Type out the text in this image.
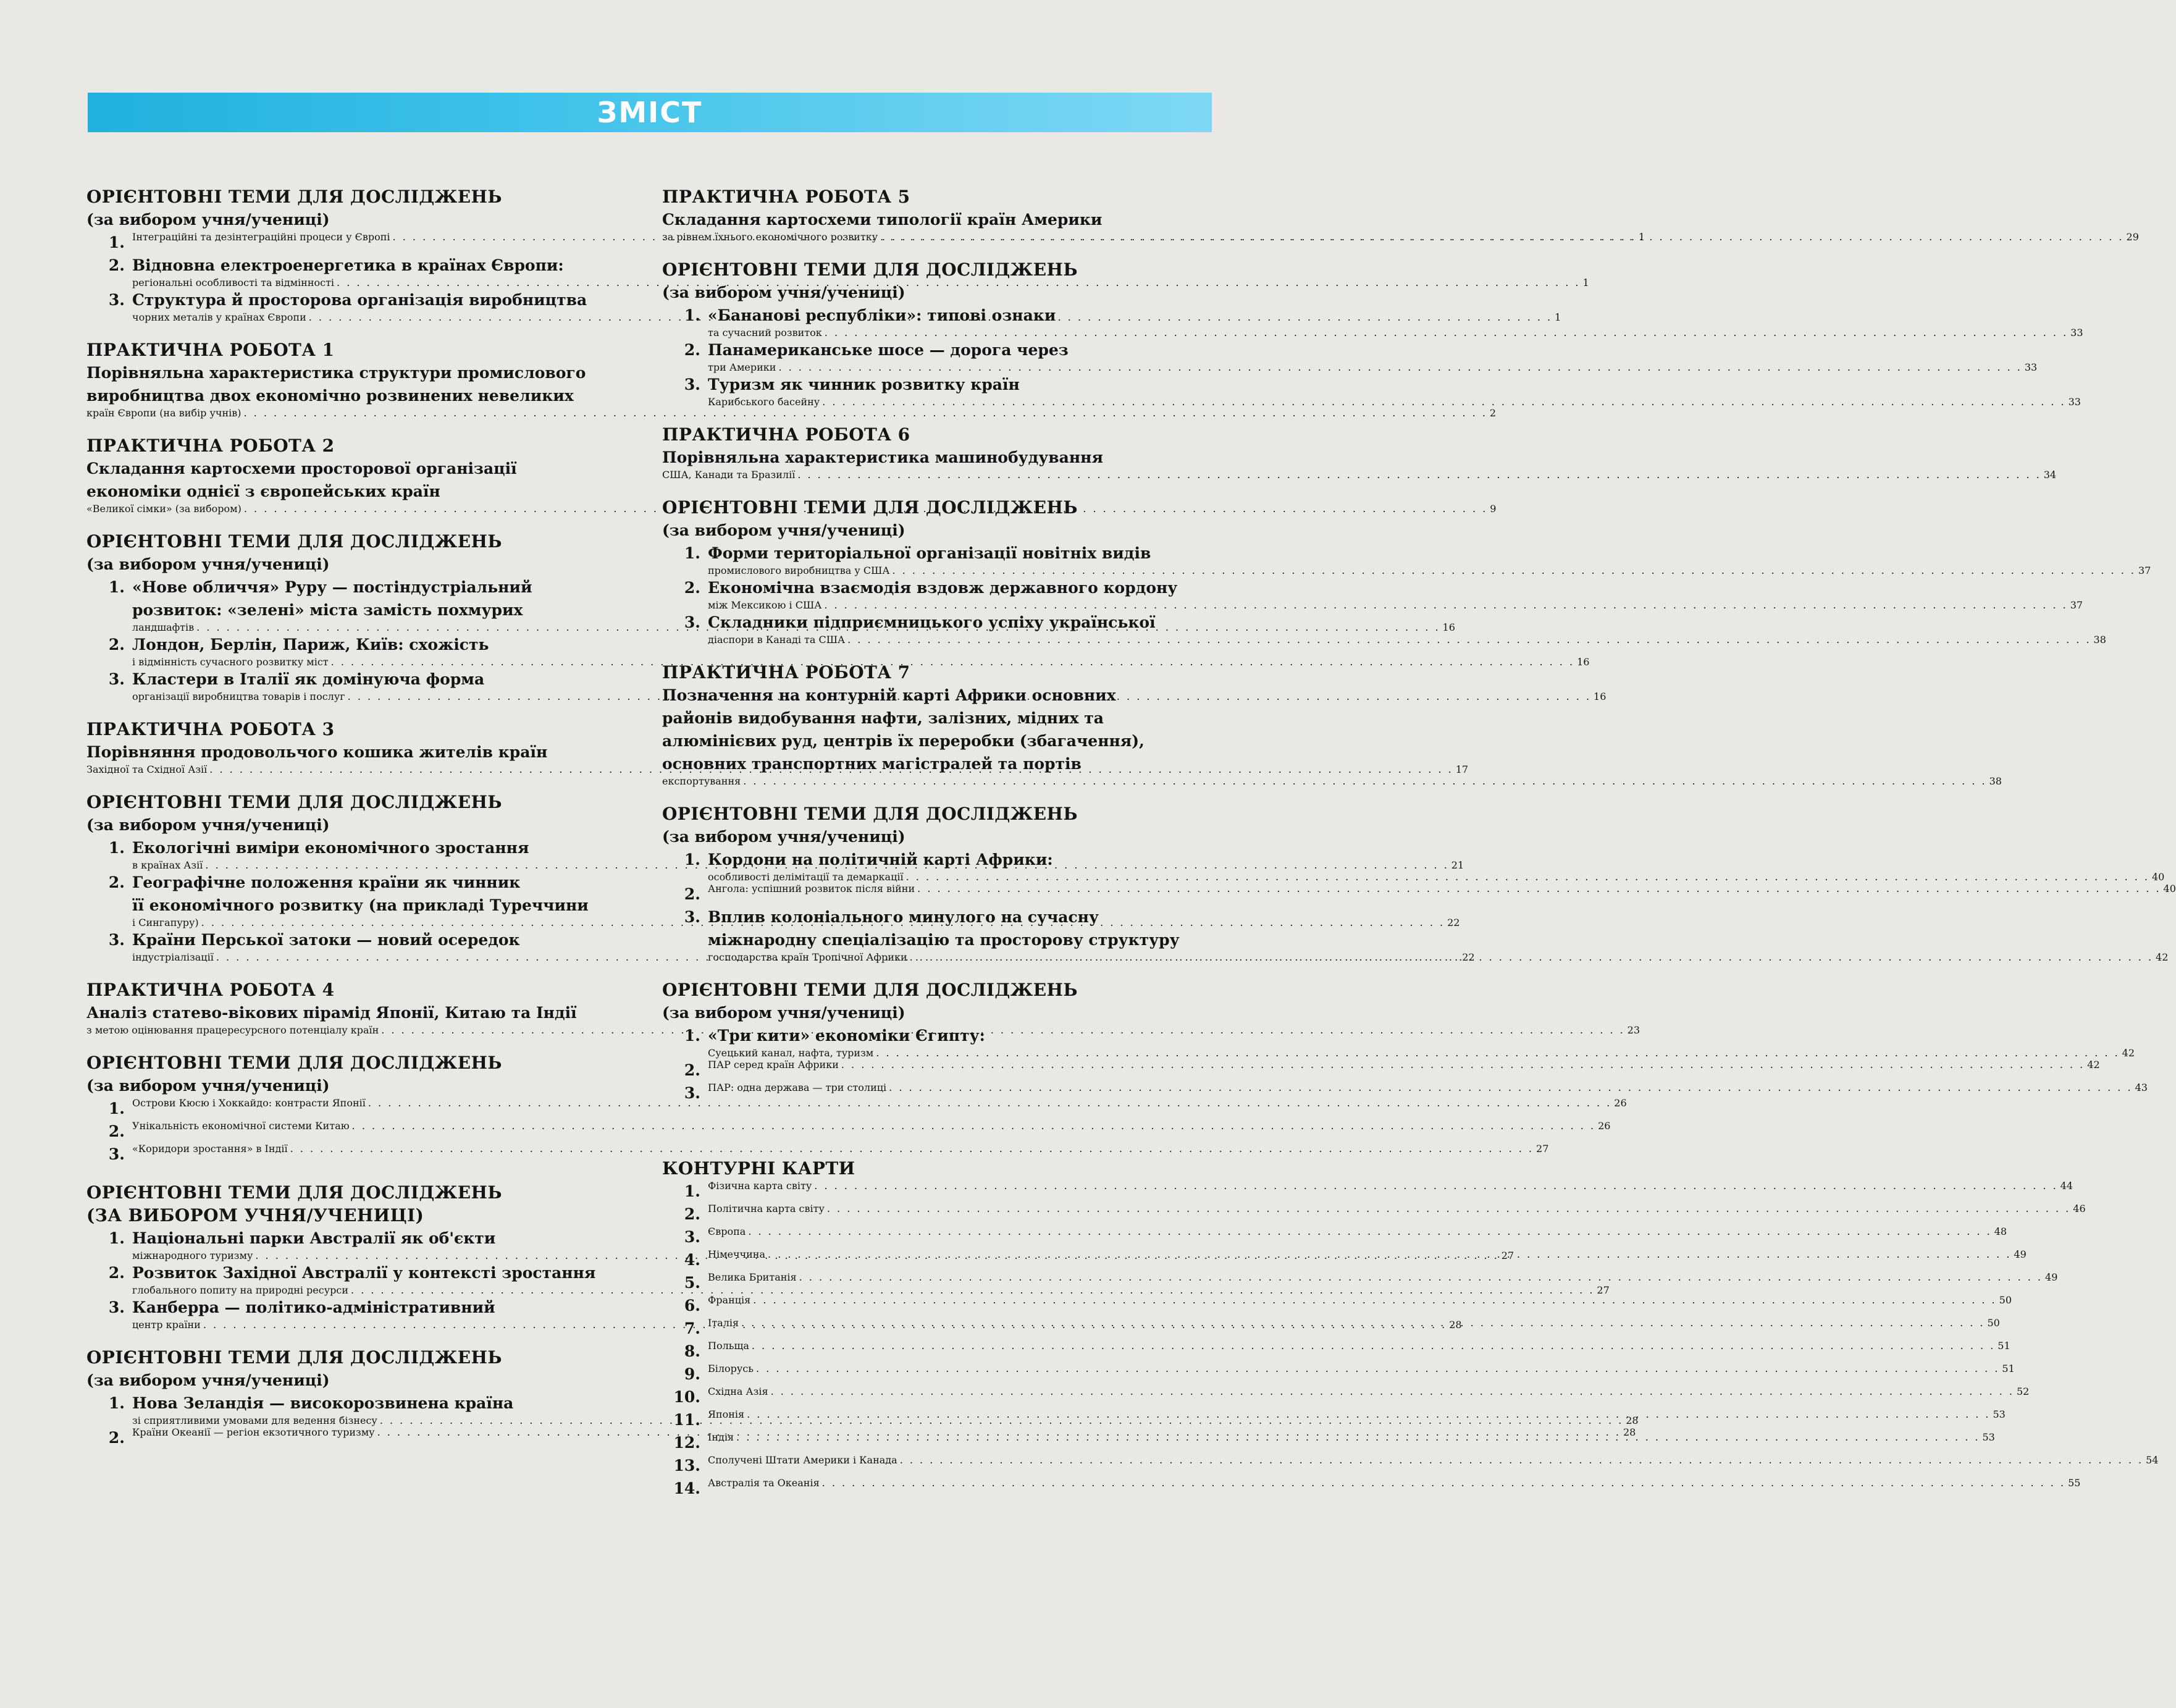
ЗМІСТ
ОРІЄНТОВНІ ТЕМИ ДЛЯ ДОСЛІДЖЕНЬ
(за вибором учня/учениці)
1. Інтеграційні та дезінтеграційні процеси у Європі . . .	1
2. Відновна електроенергетика в країнах Європи:
регіональні особливості та відмінності . . .	1
3. Структура й просторова організація виробництва
чорних металів у країнах Європи . . .	1
ПРАКТИЧНА РОБОТА 1
Порівняльна характеристика структури промислового
виробництва двох економічно розвинених невеликих
країн Європи (на вибір учнів) . . .	2
ПРАКТИЧНА РОБОТА 2
Складання картосхеми просторової організації
економіки однієї з європейських країн
«Великої сімки» (за вибором) . . .	9
ОРІЄНТОВНІ ТЕМИ ДЛЯ ДОСЛІДЖЕНЬ
(за вибором учня/учениці)
1. «Нове обличчя» Руру — постіндустріальний
розвиток: «зелені» міста замість похмурих
ландшафтів . . .	16
2. Лондон, Берлін, Париж, Київ: схожість
і відмінність сучасного розвитку міст . . .	16
3. Кластери в Італії як домінуюча форма
організації виробництва товарів і послуг . . .	16
ПРАКТИЧНА РОБОТА 3
Порівняння продовольчого кошика жителів країн
Західної та Східної Азії . . .	17
ОРІЄНТОВНІ ТЕМИ ДЛЯ ДОСЛІДЖЕНЬ
(за вибором учня/учениці)
1. Екологічні виміри економічного зростання
в країнах Азії . . .	21
2. Географічне положення країни як чинник
її економічного розвитку (на прикладі Туреччини
і Сингапуру) . . .	22
3. Країни Перської затоки — новий осередок
індустріалізації . . .	22
ПРАКТИЧНА РОБОТА 4
Аналіз статево-вікових пірамід Японії, Китаю та Індії
з метою оцінювання працересурсного потенціалу країн . . .	23
ОРІЄНТОВНІ ТЕМИ ДЛЯ ДОСЛІДЖЕНЬ
(за вибором учня/учениці)
1. Острови Кюсю і Хоккайдо: контрасти Японії . . .	26
2. Унікальність економічної системи Китаю . . .	26
3. «Коридори зростання» в Індії . . .	27
ОРІЄНТОВНІ ТЕМИ ДЛЯ ДОСЛІДЖЕНЬ
(ЗА ВИБОРОМ УЧНЯ/УЧЕНИЦІ)
1. Національні парки Австралії як об'єкти
міжнародного туризму . . .	27
2. Розвиток Західної Австралії у контексті зростання
глобального попиту на природні ресурси . . .	27
3. Канберра — політико-адміністративний
центр країни . . .	28
ОРІЄНТОВНІ ТЕМИ ДЛЯ ДОСЛІДЖЕНЬ
(за вибором учня/учениці)
1. Нова Зеландія — високорозвинена країна
зі сприятливими умовами для ведення бізнесу . . .	28
2. Країни Океанії — регіон екзотичного туризму . . .	28
ПРАКТИЧНА РОБОТА 5
Складання картосхеми типології країн Америки
за рівнем їхнього економічного розвитку . . .	29
ОРІЄНТОВНІ ТЕМИ ДЛЯ ДОСЛІДЖЕНЬ
(за вибором учня/учениці)
1. «Бананові республіки»: типові ознаки
та сучасний розвиток . . .	33
2. Панамериканське шосе — дорога через
три Америки . . .	33
3. Туризм як чинник розвитку країн
Карибського басейну . . .	33
ПРАКТИЧНА РОБОТА 6
Порівняльна характеристика машинобудування
США, Канади та Бразилії . . .	34
ОРІЄНТОВНІ ТЕМИ ДЛЯ ДОСЛІДЖЕНЬ
(за вибором учня/учениці)
1. Форми територіальної організації новітніх видів
промислового виробництва у США . . .	37
2. Економічна взаємодія вздовж державного кордону
між Мексикою і США . . .	37
3. Складники підприємницького успіху української
діаспори в Канаді та США . . .	38
ПРАКТИЧНА РОБОТА 7
Позначення на контурній карті Африки основних
районів видобування нафти, залізних, мідних та
алюмінієвих руд, центрів їх переробки (збагачення),
основних транспортних магістралей та портів
експортування . . .	38
ОРІЄНТОВНІ ТЕМИ ДЛЯ ДОСЛІДЖЕНЬ
(за вибором учня/учениці)
1. Кордони на політичній карті Африки:
особливості делімітації та демаркації . . .	40
2. Ангола: успішний розвиток після війни . . .	40
3. Вплив колоніального минулого на сучасну
міжнародну спеціалізацію та просторову структуру
господарства країн Тропічної Африки . . .	42
ОРІЄНТОВНІ ТЕМИ ДЛЯ ДОСЛІДЖЕНЬ
(за вибором учня/учениці)
1. «Три кити» економіки Єгипту:
Суецький канал, нафта, туризм . . .	42
2. ПАР серед країн Африки . . .	42
3. ПАР: одна держава — три столиці . . .	43
КОНТУРНІ КАРТИ
1. Фізична карта світу . . .	44
2. Політична карта світу . . .	46
3. Європа . . .	48
4. Німеччина . . .	49
5. Велика Британія . . .	49
6. Франція . . .	50
7. Італія . . .	50
8. Польща . . .	51
9. Білорусь . . .	51
10. Східна Азія . . .	52
11. Японія . . .	53
12. Індія . . .	53
13. Сполучені Штати Америки і Канада . . .	54
14. Австралія та Океанія . . .	55
